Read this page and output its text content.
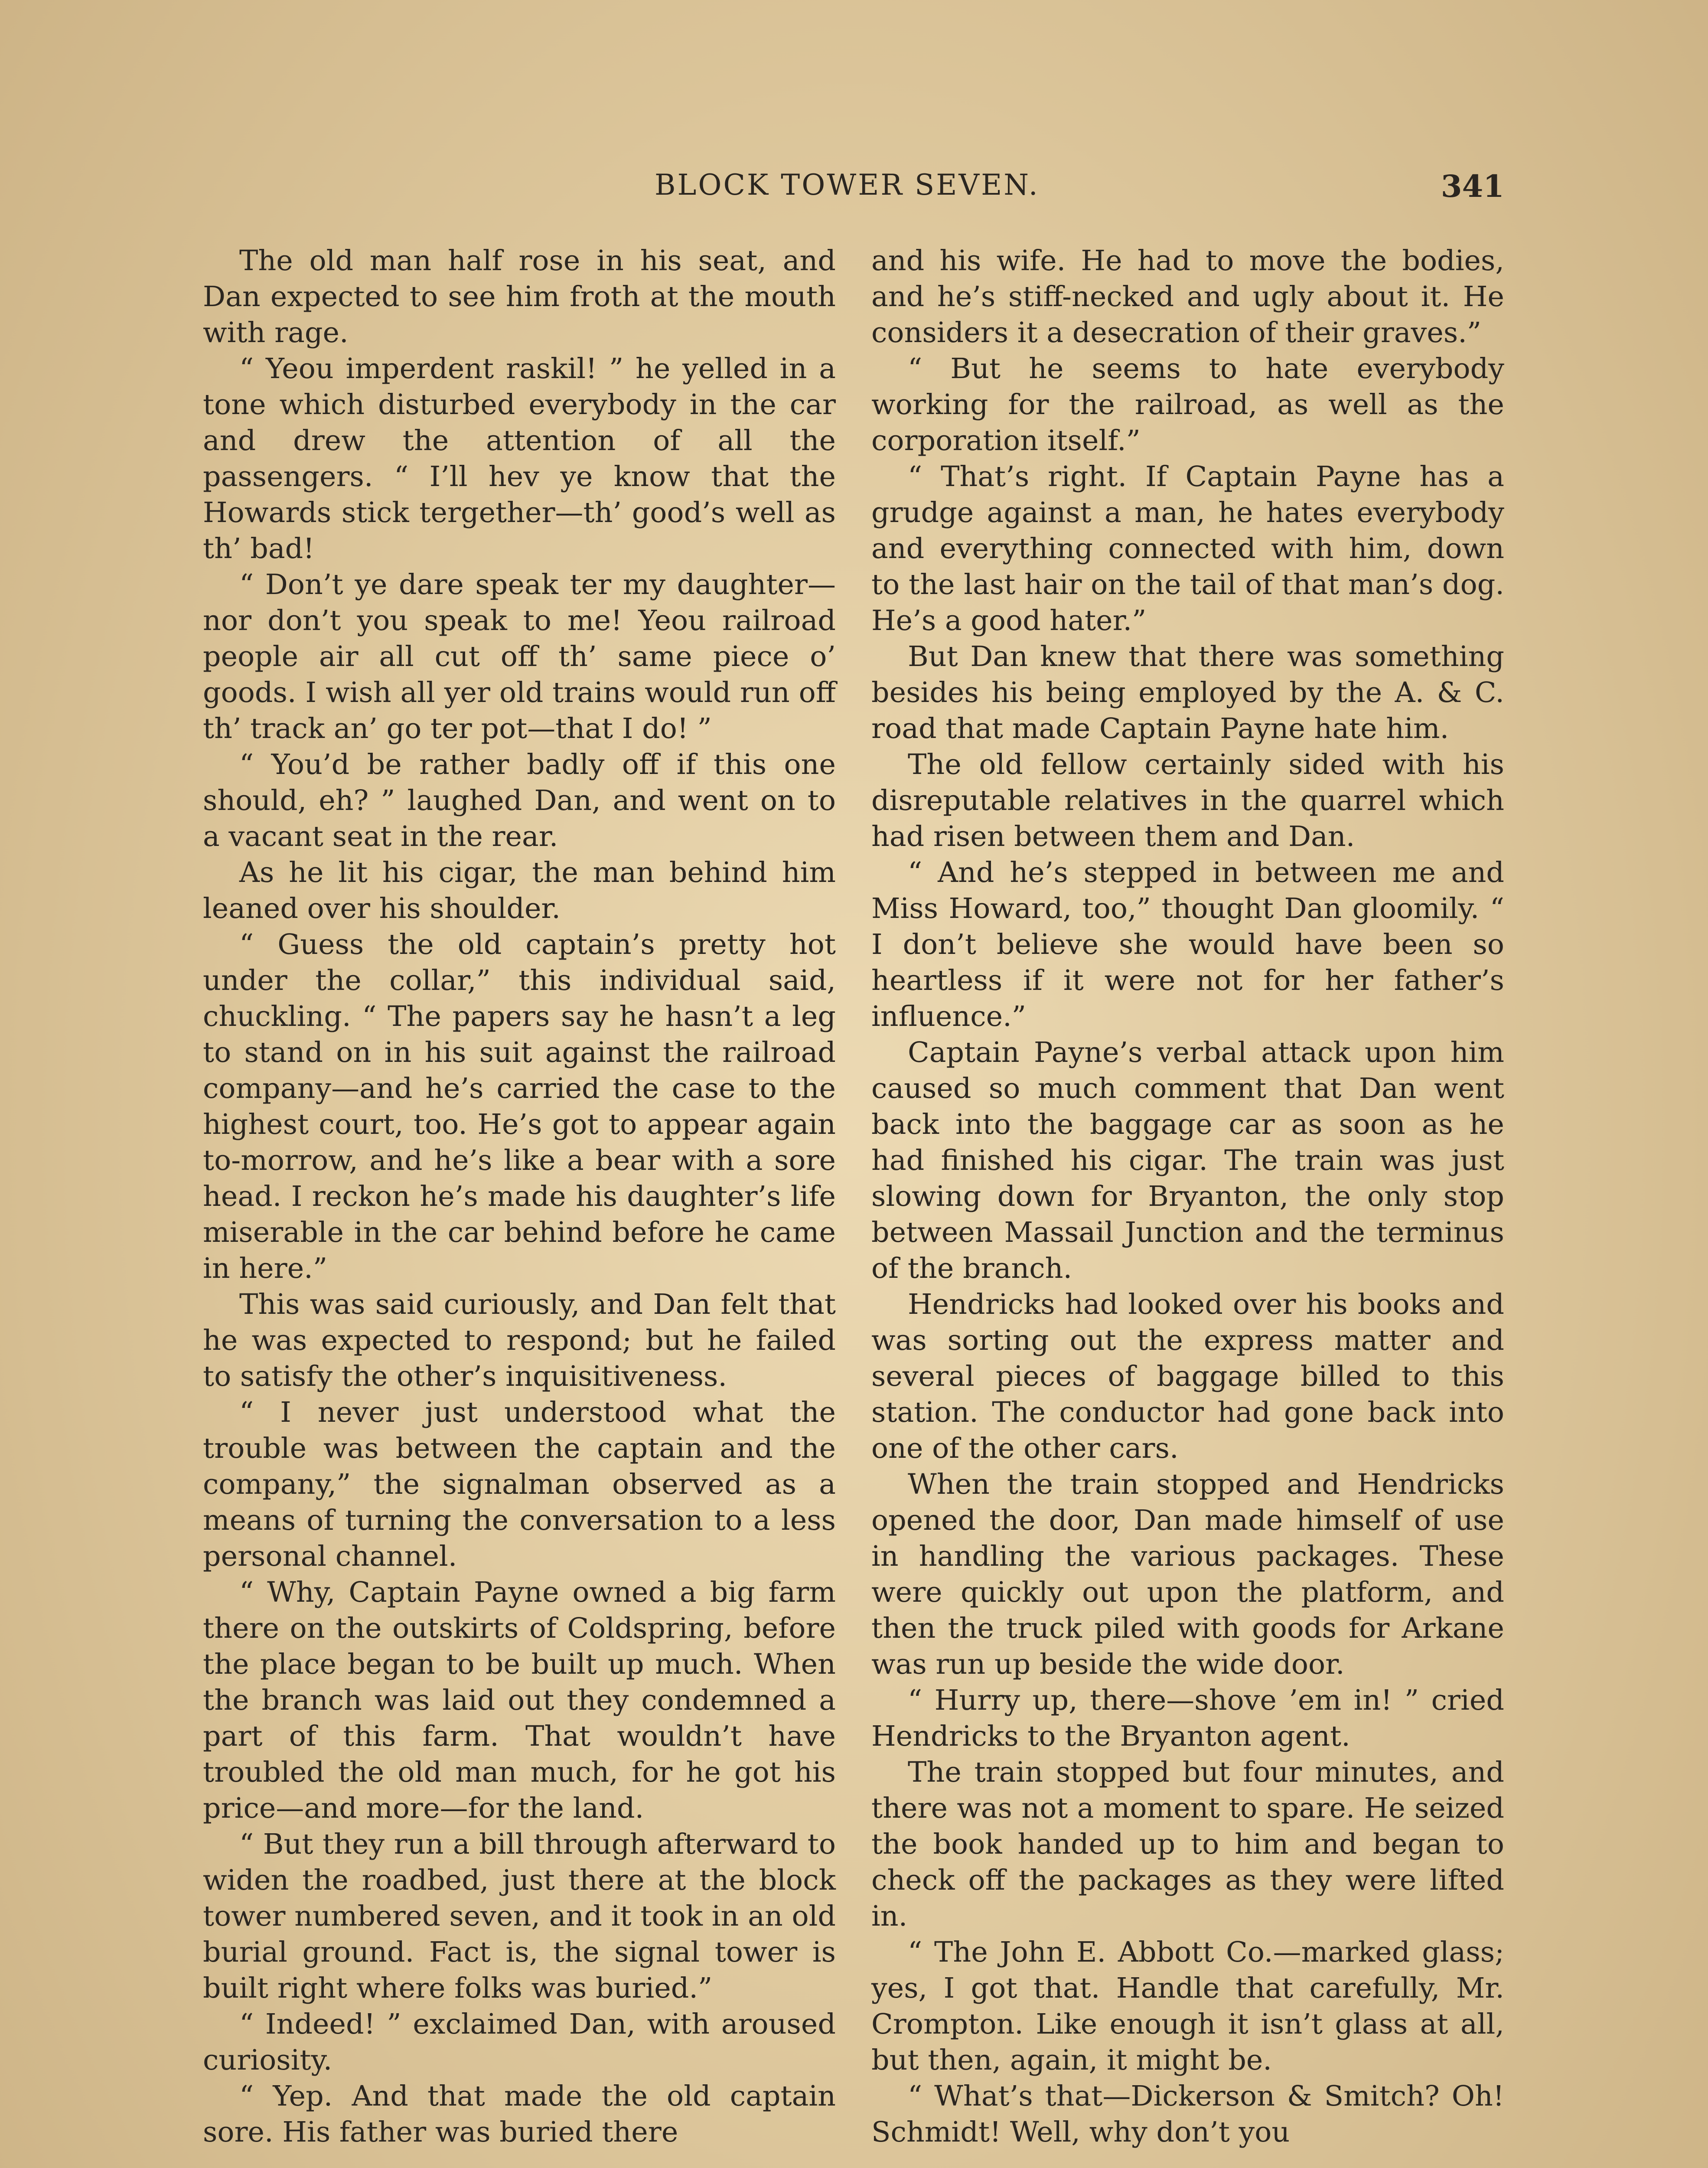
BLOCK TOWER SEVEN.	341

The old man half rose in his seat, and Dan expected to see him froth at the mouth with rage.

“ Yeou imperdent raskil! ” he yelled in a tone which disturbed everybody in the car and drew the attention of all the passengers. “ I’ll hev ye know that the Howards stick tergether—th’ good’s well as th’ bad!

“ Don’t ye dare speak ter my daughter—nor don’t you speak to me! Yeou railroad people air all cut off th’ same piece o’ goods. I wish all yer old trains would run off th’ track an’ go ter pot—that I do! ”

“ You’d be rather badly off if this one should, eh? ” laughed Dan, and went on to a vacant seat in the rear.

As he lit his cigar, the man behind him leaned over his shoulder.

“ Guess the old captain’s pretty hot under the collar,” this individual said, chuckling. “ The papers say he hasn’t a leg to stand on in his suit against the railroad company—and he’s carried the case to the highest court, too. He’s got to appear again to-morrow, and he’s like a bear with a sore head. I reckon he’s made his daughter’s life miserable in the car behind before he came in here.”

This was said curiously, and Dan felt that he was expected to respond; but he failed to satisfy the other’s inquisitiveness.

“ I never just understood what the trouble was between the captain and the company,” the signalman observed as a means of turning the conversation to a less personal channel.

“ Why, Captain Payne owned a big farm there on the outskirts of Coldspring, before the place began to be built up much. When the branch was laid out they condemned a part of this farm. That wouldn’t have troubled the old man much, for he got his price—and more—for the land.

“ But they run a bill through afterward to widen the roadbed, just there at the block tower numbered seven, and it took in an old burial ground. Fact is, the signal tower is built right where folks was buried.”

“ Indeed! ” exclaimed Dan, with aroused curiosity.

“ Yep. And that made the old captain sore. His father was buried there

and his wife. He had to move the bodies, and he’s stiff-necked and ugly about it. He considers it a desecration of their graves.”

“ But he seems to hate everybody working for the railroad, as well as the corporation itself.”

“ That’s right. If Captain Payne has a grudge against a man, he hates everybody and everything connected with him, down to the last hair on the tail of that man’s dog. He’s a good hater.”

But Dan knew that there was something besides his being employed by the A. & C. road that made Captain Payne hate him.

The old fellow certainly sided with his disreputable relatives in the quarrel which had risen between them and Dan.

“ And he’s stepped in between me and Miss Howard, too,” thought Dan gloomily. “ I don’t believe she would have been so heartless if it were not for her father’s influence.”

Captain Payne’s verbal attack upon him caused so much comment that Dan went back into the baggage car as soon as he had finished his cigar. The train was just slowing down for Bryanton, the only stop between Massail Junction and the terminus of the branch.

Hendricks had looked over his books and was sorting out the express matter and several pieces of baggage billed to this station. The conductor had gone back into one of the other cars.

When the train stopped and Hendricks opened the door, Dan made himself of use in handling the various packages. These were quickly out upon the platform, and then the truck piled with goods for Arkane was run up beside the wide door.

“ Hurry up, there—shove ’em in! ” cried Hendricks to the Bryanton agent.

The train stopped but four minutes, and there was not a moment to spare. He seized the book handed up to him and began to check off the packages as they were lifted in.

“ The John E. Abbott Co.—marked glass; yes, I got that. Handle that carefully, Mr. Crompton. Like enough it isn’t glass at all, but then, again, it might be.

“ What’s that—Dickerson & Smitch? Oh! Schmidt! Well, why don’t you
